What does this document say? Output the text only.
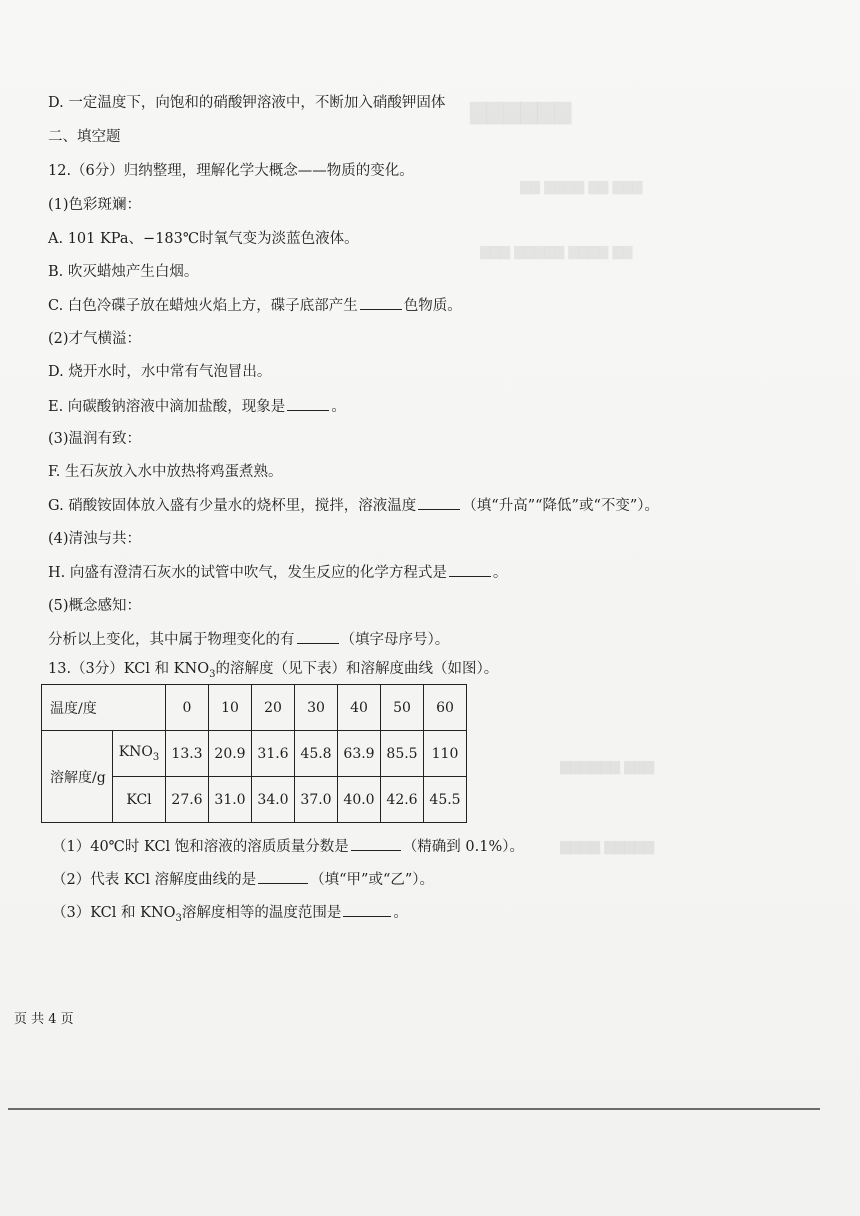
▇▇▇▇▇▇
▇▇ ▇▇▇▇ ▇▇ ▇▇▇
▇▇▇ ▇▇▇▇▇ ▇▇▇▇ ▇▇
▇▇▇▇▇▇ ▇▇▇
▇▇▇▇ ▇▇▇▇▇
D. 一定温度下，向饱和的硝酸钾溶液中，不断加入硝酸钾固体
二、填空题
12.（6分）归纳整理，理解化学大概念——物质的变化。
(1)色彩斑斓：
A. 101 KPa、−183℃时氧气变为淡蓝色液体。
B. 吹灭蜡烛产生白烟。
C. 白色冷碟子放在蜡烛火焰上方，碟子底部产生	色物质。
(2)才气横溢：
D. 烧开水时，水中常有气泡冒出。
E. 向碳酸钠溶液中滴加盐酸，现象是	。
(3)温润有致：
F. 生石灰放入水中放热将鸡蛋煮熟。
G. 硝酸铵固体放入盛有少量水的烧杯里，搅拌，溶液温度	（填“升高”“降低”或“不变”）。
(4)清浊与共：
H. 向盛有澄清石灰水的试管中吹气，发生反应的化学方程式是	。
(5)概念感知：
分析以上变化，其中属于物理变化的有	（填字母序号）。
13.（3分）KCl 和 $KNO_3$的溶解度（见下表）和溶解度曲线（如图）。
温度/度		0	10	20	30	40	50	60
溶解度/g	$KNO_3$	13.3	20.9	31.6	45.8	63.9	85.5	110
	KCl	27.6	31.0	34.0	37.0	40.0	42.6	45.5
（1）40℃时 KCl 饱和溶液的溶质质量分数是	（精确到 0.1%）。
（2）代表 KCl 溶解度曲线的是	（填“甲”或“乙”）。
（3）KCl 和 $KNO_3$溶解度相等的温度范围是	。
页 共 4 页
